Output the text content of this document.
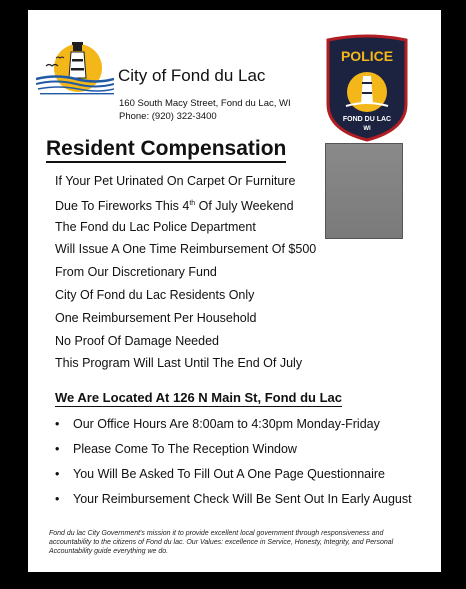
City of Fond du Lac
160 South Macy Street, Fond du Lac, WI
Phone: (920) 322-3400
POLICE
FOND DU LAC
WI
Resident Compensation
If Your Pet Urinated On Carpet Or Furniture
Due To Fireworks This 4th Of July Weekend
The Fond du Lac Police Department
Will Issue A One Time Reimbursement Of $500
From Our Discretionary Fund
City Of Fond du Lac Residents Only
One Reimbursement Per Household
No Proof Of Damage Needed
This Program Will Last Until The End Of July
We Are Located At 126 N Main St, Fond du Lac
• Our Office Hours Are 8:00am to 4:30pm Monday-Friday
• Please Come To The Reception Window
• You Will Be Asked To Fill Out A One Page Questionnaire
• Your Reimbursement Check Will Be Sent Out In Early August
Fond du lac City Government's mission it to provide excellent local government through responsiveness and accountability to the citizens of Fond du lac. Our Values: excellence in Service, Honesty, Integrity, and Personal Accountability guide everything we do.
